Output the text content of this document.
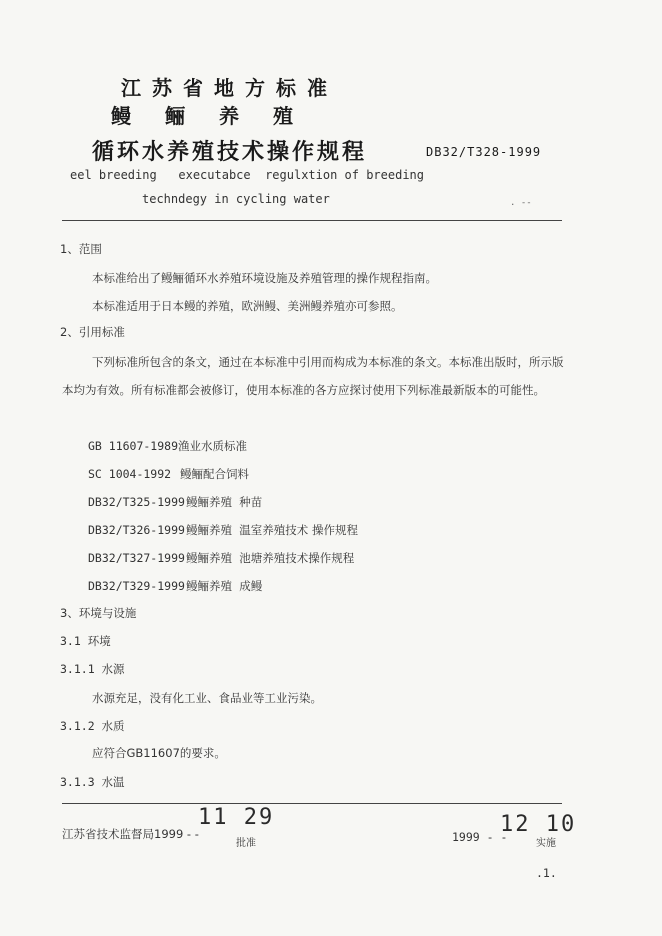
江苏省地方标准
鳗鲡养殖
循环水养殖技术操作规程	DB32/T328-1999
eel breeding   executabce  regulxtion of breeding
techndegy in cycling water	. --
1、范围
本标准给出了鳗鲡循环水养殖环境设施及养殖管理的操作规程指南。
本标准适用于日本鳗的养殖，欧洲鳗、美洲鳗养殖亦可参照。
2、引用标准
下列标准所包含的条文，通过在本标准中引用而构成为本标准的条文。本标准出版时，所示版本均为有效。所有标准都会被修订，使用本标准的各方应探讨使用下列标准最新版本的可能性。
GB 11607-1989渔业水质标准
SC 1004-1992 鳗鲡配合饲料
DB32/T325-1999鳗鲡养殖  种苗
DB32/T326-1999鳗鲡养殖  温室养殖技术 操作规程
DB32/T327-1999鳗鲡养殖  池塘养殖技术操作规程
DB32/T329-1999鳗鲡养殖  成鳗
3、环境与设施
3.1 环境
3.1.1 水源
水源充足，没有化工业、食品业等工业污染。
3.1.2 水质
应符合GB11607的要求。
3.1.3 水温
江苏省技术监督局1999 - -
11 29
批准	1999 - -
12 10
实施
.1.
